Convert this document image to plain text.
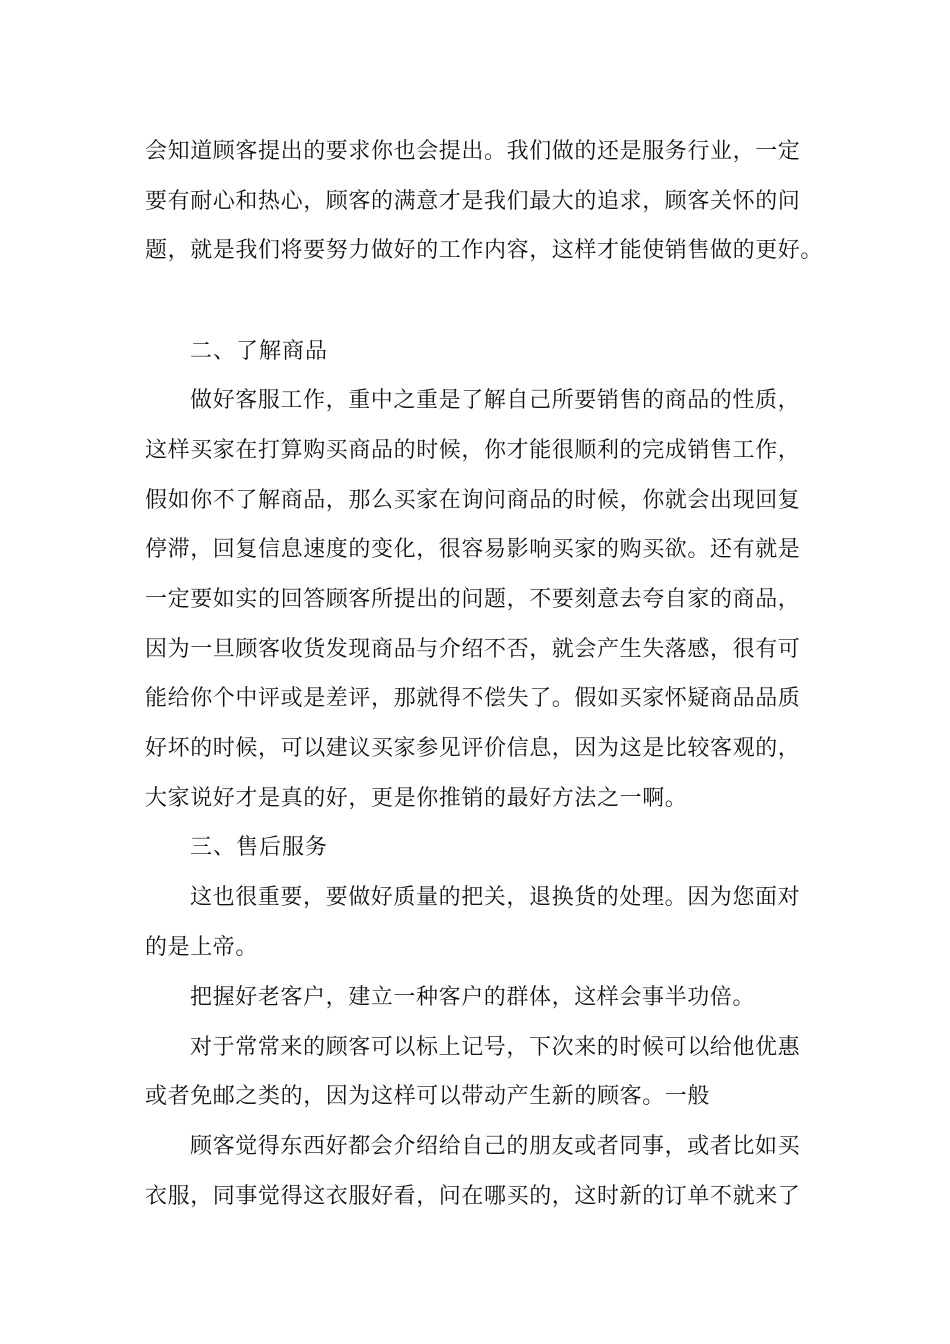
会知道顾客提出的要求你也会提出。我们做的还是服务行业，一定
要有耐心和热心，顾客的满意才是我们最大的追求，顾客关怀的问
题，就是我们将要努力做好的工作内容，这样才能使销售做的更好。
二、了解商品
做好客服工作，重中之重是了解自己所要销售的商品的性质，
这样买家在打算购买商品的时候，你才能很顺利的完成销售工作，
假如你不了解商品，那么买家在询问商品的时候，你就会出现回复
停滞，回复信息速度的变化，很容易影响买家的购买欲。还有就是
一定要如实的回答顾客所提出的问题，不要刻意去夸自家的商品，
因为一旦顾客收货发现商品与介绍不否，就会产生失落感，很有可
能给你个中评或是差评，那就得不偿失了。假如买家怀疑商品品质
好坏的时候，可以建议买家参见评价信息，因为这是比较客观的，
大家说好才是真的好，更是你推销的最好方法之一啊。
三、售后服务
这也很重要，要做好质量的把关，退换货的处理。因为您面对
的是上帝。
把握好老客户，建立一种客户的群体，这样会事半功倍。
对于常常来的顾客可以标上记号，下次来的时候可以给他优惠
或者免邮之类的，因为这样可以带动产生新的顾客。一般
顾客觉得东西好都会介绍给自己的朋友或者同事，或者比如买
衣服，同事觉得这衣服好看，问在哪买的，这时新的订单不就来了
